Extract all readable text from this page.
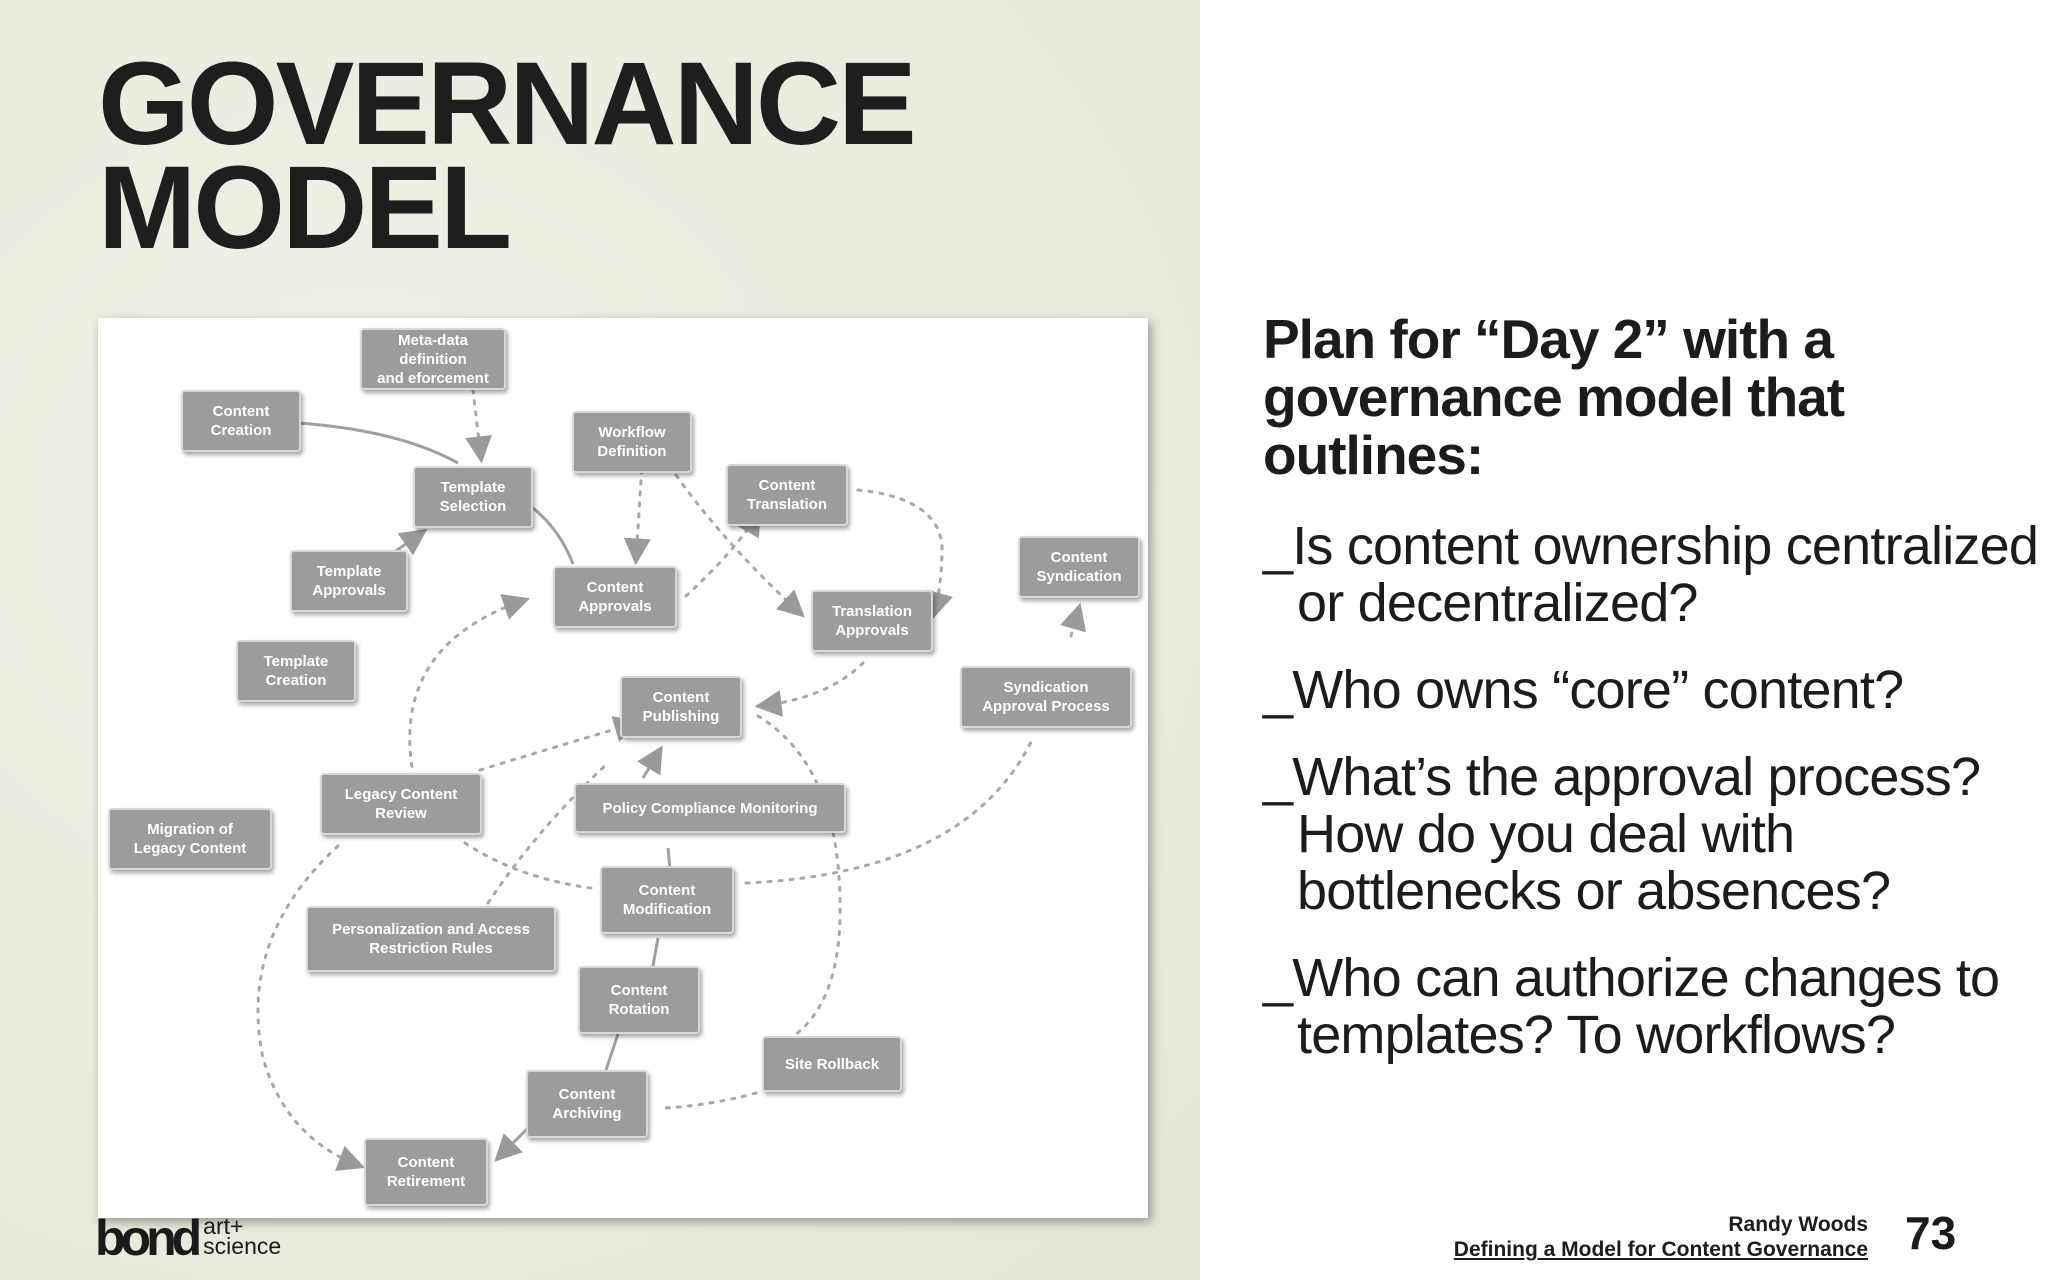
GOVERNANCE
MODEL
Meta-data definition
and eforcement
Content
Creation	Workflow
Definition
Template
Selection
Content
Translation
Template
Approvals	Content
Approvals	Translation
Approvals
Content
Syndication
Template
Creation
Content
Publishing
Syndication
Approval Process
Legacy Content
Review	Policy Compliance Monitoring
Migration of
Legacy Content
Content
Modification
Personalization and Access
Restriction Rules
Content
Rotation
Site Rollback
Content
Archiving
Content
Retirement
Plan for “Day 2” with a governance model that outlines:
_Is content ownership centralized or decentralized?
_Who owns “core” content?
_What’s the approval process? How do you deal with bottlenecks or absences?
_Who can authorize changes to templates? To workflows?
bond art+
science
Randy Woods
Defining a Model for Content Governance 73
